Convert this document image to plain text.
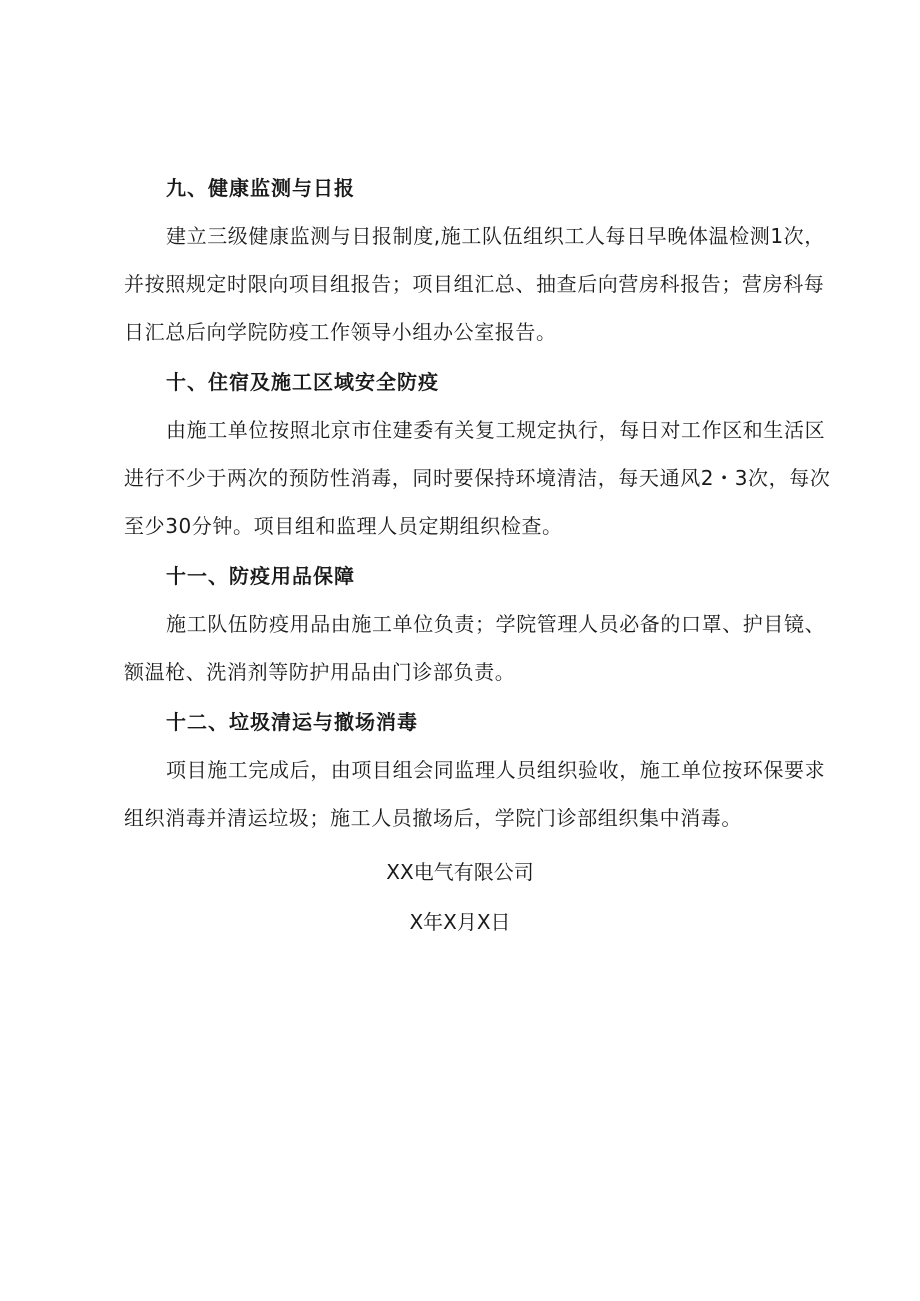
九、健康监测与日报
建立三级健康监测与日报制度,施工队伍组织工人每日早晚体温检测1次，
并按照规定时限向项目组报告；项目组汇总、抽查后向营房科报告；营房科每
日汇总后向学院防疫工作领导小组办公室报告。
十、住宿及施工区域安全防疫
由施工单位按照北京市住建委有关复工规定执行，每日对工作区和生活区
进行不少于两次的预防性消毒，同时要保持环境清洁，每天通风2・3次，每次
至少30分钟。项目组和监理人员定期组织检查。
十一、防疫用品保障
施工队伍防疫用品由施工单位负责；学院管理人员必备的口罩、护目镜、
额温枪、洗消剂等防护用品由门诊部负责。
十二、垃圾清运与撤场消毒
项目施工完成后，由项目组会同监理人员组织验收，施工单位按环保要求
组织消毒并清运垃圾；施工人员撤场后，学院门诊部组织集中消毒。
XX电气有限公司
X年X月X日
